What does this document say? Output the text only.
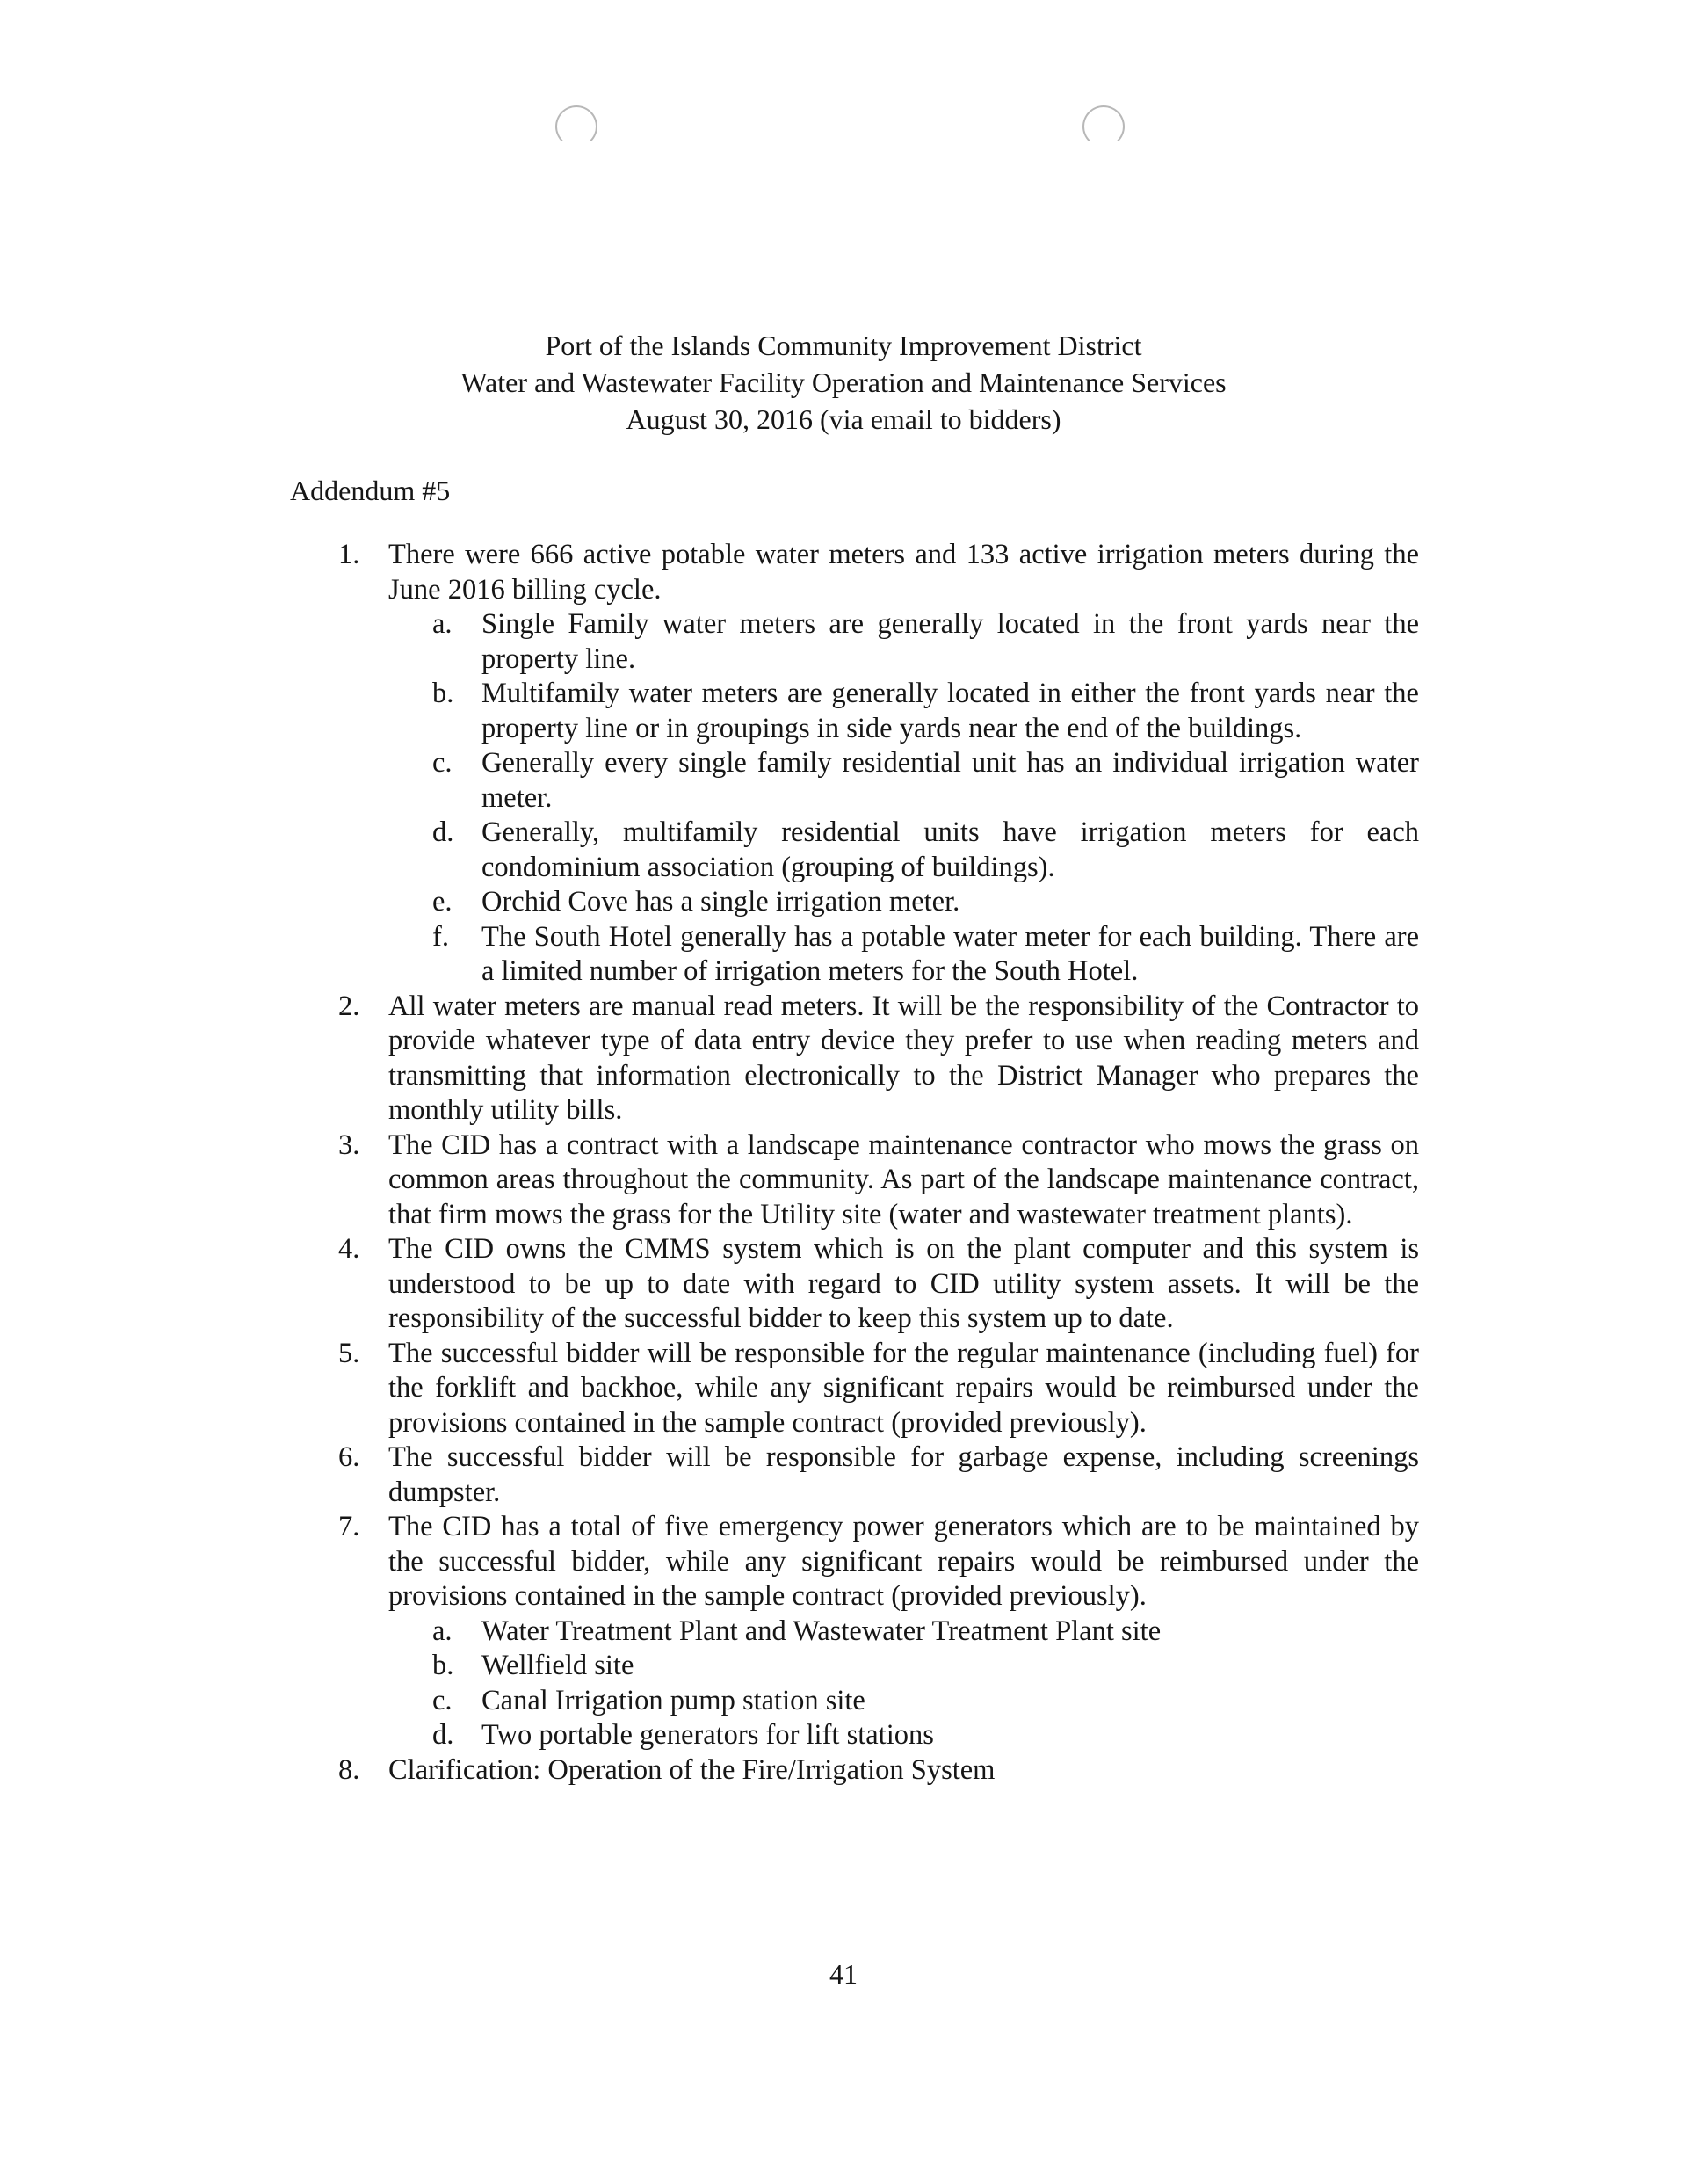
Port of the Islands Community Improvement District
Water and Wastewater Facility Operation and Maintenance Services
August 30, 2016 (via email to bidders)
Addendum #5
1.	There were 666 active potable water meters and 133 active irrigation meters during the June 2016 billing cycle.
a.	Single Family water meters are generally located in the front yards near the property line.
b. Multifamily water meters are generally located in either the front yards near the property line or in groupings in side yards near the end of the buildings.
c.	Generally every single family residential unit has an individual irrigation water meter.
d. Generally, multifamily residential units have irrigation meters for each condominium association (grouping of buildings).
e.	Orchid Cove has a single irrigation meter.
f.	The South Hotel generally has a potable water meter for each building. There are a limited number of irrigation meters for the South Hotel.
2.	All water meters are manual read meters. It will be the responsibility of the Contractor to provide whatever type of data entry device they prefer to use when reading meters and transmitting that information electronically to the District Manager who prepares the monthly utility bills.
3.	The CID has a contract with a landscape maintenance contractor who mows the grass on common areas throughout the community. As part of the landscape maintenance contract, that firm mows the grass for the Utility site (water and wastewater treatment plants).
4.	The CID owns the CMMS system which is on the plant computer and this system is understood to be up to date with regard to CID utility system assets. It will be the responsibility of the successful bidder to keep this system up to date.
5.	The successful bidder will be responsible for the regular maintenance (including fuel) for the forklift and backhoe, while any significant repairs would be reimbursed under the provisions contained in the sample contract (provided previously).
6.	The successful bidder will be responsible for garbage expense, including screenings dumpster.
7.	The CID has a total of five emergency power generators which are to be maintained by the successful bidder, while any significant repairs would be reimbursed under the provisions contained in the sample contract (provided previously).
a.	Water Treatment Plant and Wastewater Treatment Plant site
b. Wellfield site
c.	Canal Irrigation pump station site
d. Two portable generators for lift stations
8.	Clarification: Operation of the Fire/Irrigation System
41
